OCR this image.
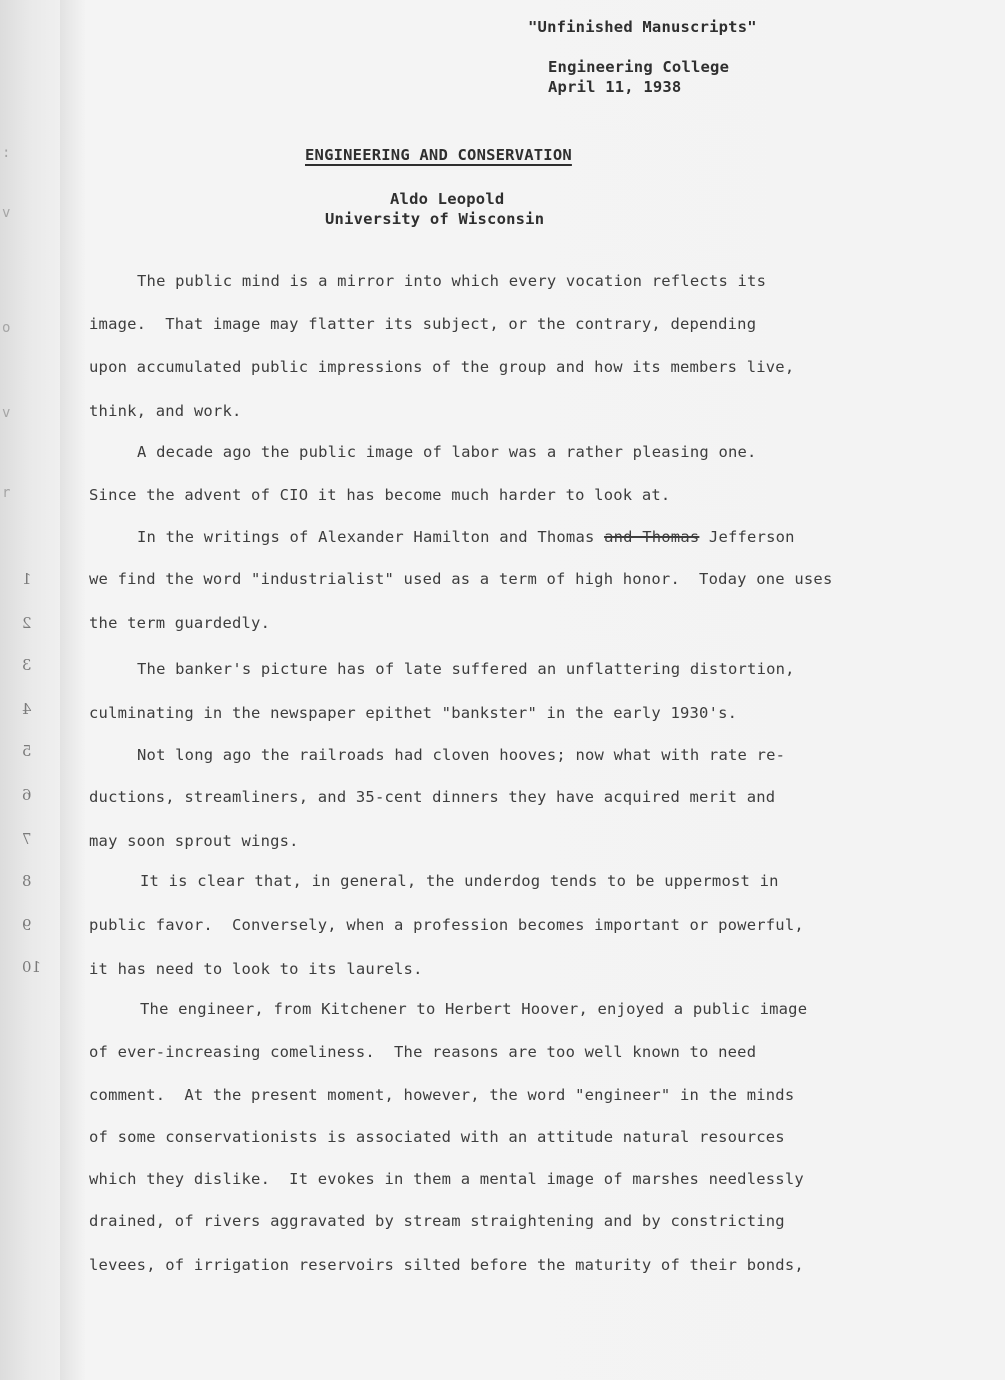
:
v
o
v
r
1
2
3
4
5
6
7
8
9
10
"Unfinished Manuscripts"
Engineering College
April 11, 1938
ENGINEERING AND CONSERVATION
Aldo Leopold
University of Wisconsin
The public mind is a mirror into which every vocation reflects its
image.  That image may flatter its subject, or the contrary, depending
upon accumulated public impressions of the group and how its members live,
think, and work.
A decade ago the public image of labor was a rather pleasing one.
Since the advent of CIO it has become much harder to look at.
In the writings of Alexander Hamilton and Thomas and Thomas Jefferson
we find the word "industrialist" used as a term of high honor.  Today one uses
the term guardedly.
The banker's picture has of late suffered an unflattering distortion,
culminating in the newspaper epithet "bankster" in the early 1930's.
Not long ago the railroads had cloven hooves; now what with rate re-
ductions, streamliners, and 35-cent dinners they have acquired merit and
may soon sprout wings.
It is clear that, in general, the underdog tends to be uppermost in
public favor.  Conversely, when a profession becomes important or powerful,
it has need to look to its laurels.
The engineer, from Kitchener to Herbert Hoover, enjoyed a public image
of ever-increasing comeliness.  The reasons are too well known to need
comment.  At the present moment, however, the word "engineer" in the minds
of some conservationists is associated with an attitude natural resources
which they dislike.  It evokes in them a mental image of marshes needlessly
drained, of rivers aggravated by stream straightening and by constricting
levees, of irrigation reservoirs silted before the maturity of their bonds,
